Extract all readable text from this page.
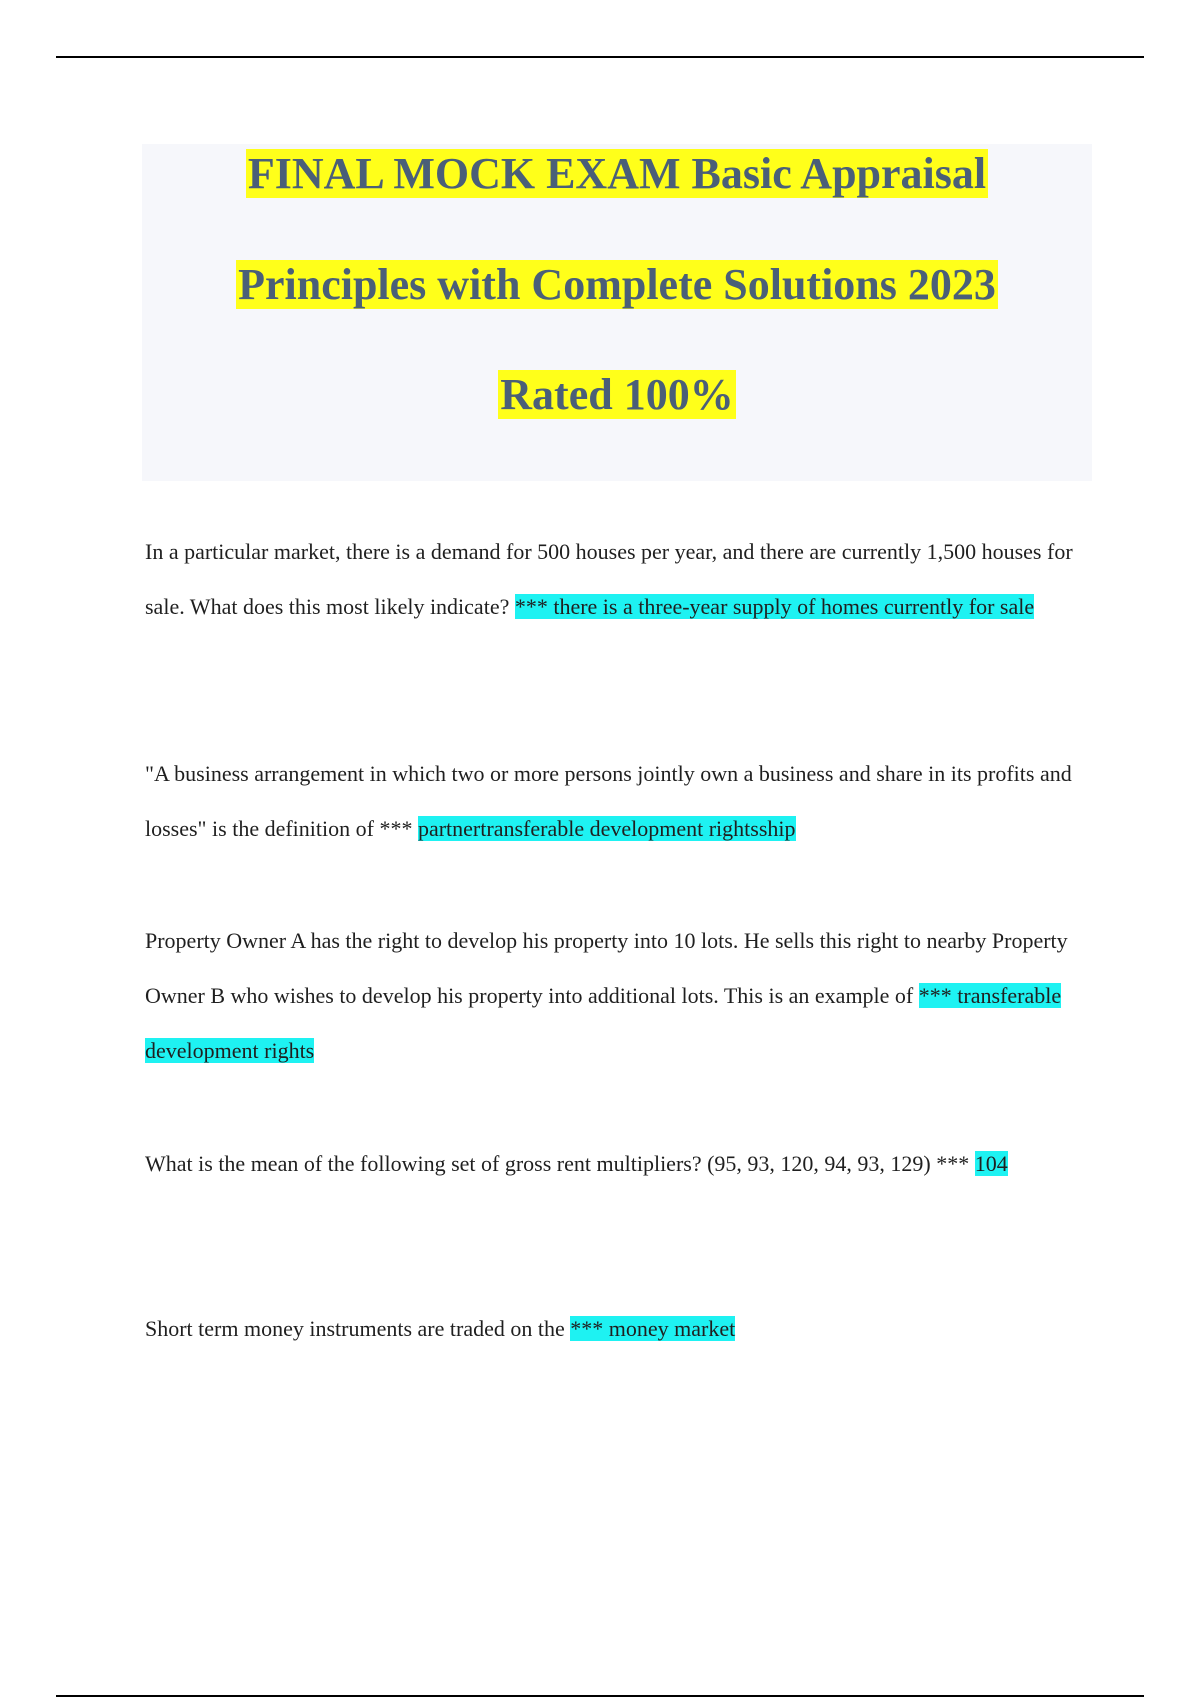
FINAL MOCK EXAM Basic Appraisal
Principles with Complete Solutions 2023
Rated 100%
In a particular market, there is a demand for 500 houses per year, and there are currently 1,500 houses for sale. What does this most likely indicate? *** there is a three-year supply of homes currently for sale
"A business arrangement in which two or more persons jointly own a business and share in its profits and losses" is the definition of *** partnertransferable development rightsship
Property Owner A has the right to develop his property into 10 lots. He sells this right to nearby Property Owner B who wishes to develop his property into additional lots. This is an example of *** transferable development rights
What is the mean of the following set of gross rent multipliers? (95, 93, 120, 94, 93, 129) *** 104
Short term money instruments are traded on the *** money market
